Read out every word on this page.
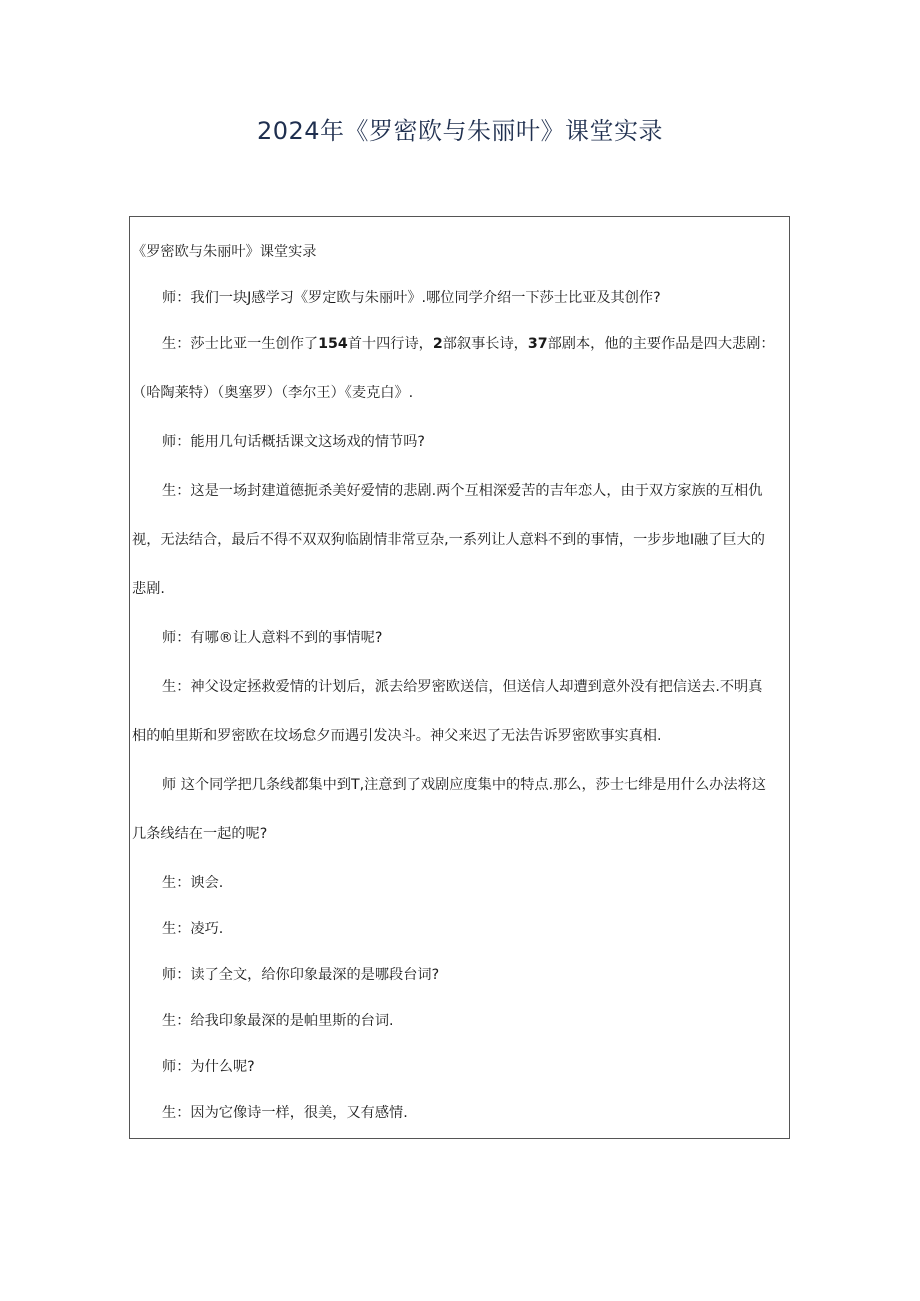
2024年《罗密欧与朱丽叶》课堂实录

《罗密欧与朱丽叶》课堂实录

师：我们一块J感学习《罗定欧与朱丽叶》.哪位同学介绍一下莎士比亚及其创作?

生：莎士比亚一生创作了154首十四行诗，2部叙事长诗，37部剧本，他的主要作品是四大悲剧：

（哈陶莱特）（奥塞罗）（李尔王）《麦克白》.

师：能用几句话概括课文这场戏的情节吗?

生：这是一场封建道德扼杀美好爱情的悲剧.两个互相深爱苦的吉年恋人，由于双方家族的互相仇

视，无法结合，最后不得不双双狗临剧情非常豆杂,一系列让人意料不到的事情，一步步地I融了巨大的

悲剧.

师：有哪®让人意料不到的事情呢?

生：神父设定拯救爱情的计划后，派去给罗密欧送信，但送信人却遭到意外没有把信送去.不明真

相的帕里斯和罗密欧在坟场怠夕而遇引发决斗。神父来迟了无法告诉罗密欧事实真相.

师 这个同学把几条线都集中到T,注意到了戏剧应度集中的特点.那么，莎士七绯是用什么办法将这

几条线结在一起的呢?

生：谀会.

生：凌巧.

师：读了全文，给你印象最深的是哪段台词?

生：给我印象最深的是帕里斯的台词.

师：为什么呢?

生：因为它像诗一样，很美，又有感情.
